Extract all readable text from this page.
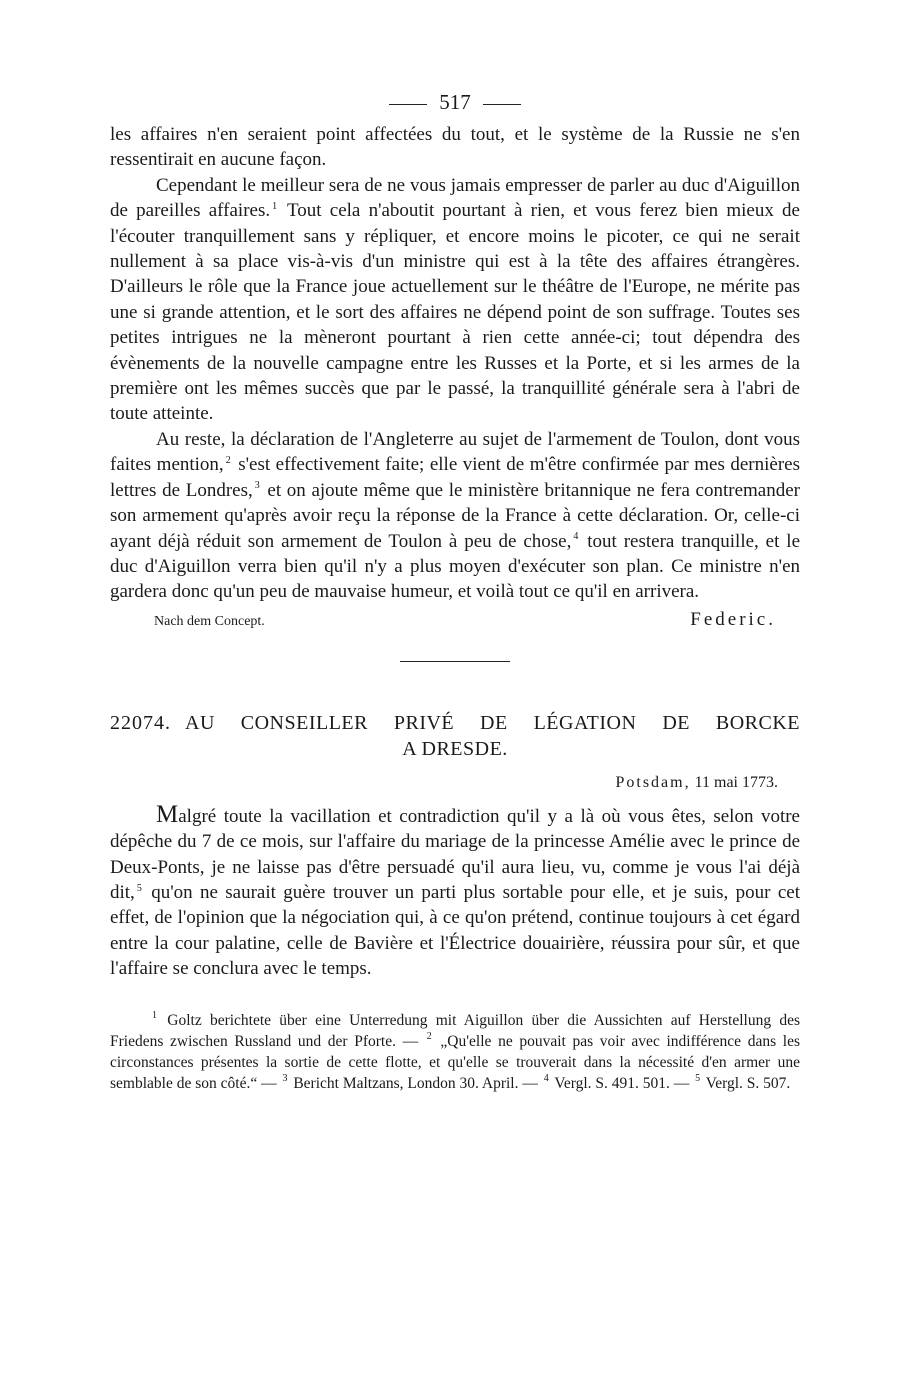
517

les affaires n'en seraient point affectées du tout, et le système de la Russie ne s'en ressentirait en aucune façon.

Cependant le meilleur sera de ne vous jamais empresser de parler au duc d'Aiguillon de pareilles affaires. $^1$ Tout cela n'aboutit pourtant à rien, et vous ferez bien mieux de l'écouter tranquillement sans y répliquer, et encore moins le picoter, ce qui ne serait nullement à sa place vis-à-vis d'un ministre qui est à la tête des affaires étrangères. D'ailleurs le rôle que la France joue actuellement sur le théâtre de l'Europe, ne mérite pas une si grande attention, et le sort des affaires ne dépend point de son suffrage. Toutes ses petites intrigues ne la mèneront pourtant à rien cette année-ci; tout dépendra des évènements de la nouvelle campagne entre les Russes et la Porte, et si les armes de la première ont les mêmes succès que par le passé, la tranquillité générale sera à l'abri de toute atteinte.

Au reste, la déclaration de l'Angleterre au sujet de l'armement de Toulon, dont vous faites mention, $^2$ s'est effectivement faite; elle vient de m'être confirmée par mes dernières lettres de Londres, $^3$ et on ajoute même que le ministère britannique ne fera contremander son armement qu'après avoir reçu la réponse de la France à cette déclaration. Or, celle-ci ayant déjà réduit son armement de Toulon à peu de chose, $^4$ tout restera tranquille, et le duc d'Aiguillon verra bien qu'il n'y a plus moyen d'exécuter son plan. Ce ministre n'en gardera donc qu'un peu de mauvaise humeur, et voilà tout ce qu'il en arrivera.

Nach dem Concept.	Federic.
22074. AU CONSEILLER PRIVÉ DE LÉGATION DE BORCKE
A DRESDE.
Potsdam, 11 mai 1773.

Malgré toute la vacillation et contradiction qu'il y a là où vous êtes, selon votre dépêche du 7 de ce mois, sur l'affaire du mariage de la princesse Amélie avec le prince de Deux-Ponts, je ne laisse pas d'être persuadé qu'il aura lieu, vu, comme je vous l'ai déjà dit, $^5$ qu'on ne saurait guère trouver un parti plus sortable pour elle, et je suis, pour cet effet, de l'opinion que la négociation qui, à ce qu'on prétend, continue toujours à cet égard entre la cour palatine, celle de Bavière et l'Électrice douairière, réussira pour sûr, et que l'affaire se conclura avec le temps.

$^1$ Goltz berichtete über eine Unterredung mit Aiguillon über die Aussichten auf Herstellung des Friedens zwischen Russland und der Pforte. — $^2$ „Qu'elle ne pouvait pas voir avec indifférence dans les circonstances présentes la sortie de cette flotte, et qu'elle se trouverait dans la nécessité d'en armer une semblable de son côté.“ — $^3$ Bericht Maltzans, London 30. April. — $^4$ Vergl. S. 491. 501. — $^5$ Vergl. S. 507.
